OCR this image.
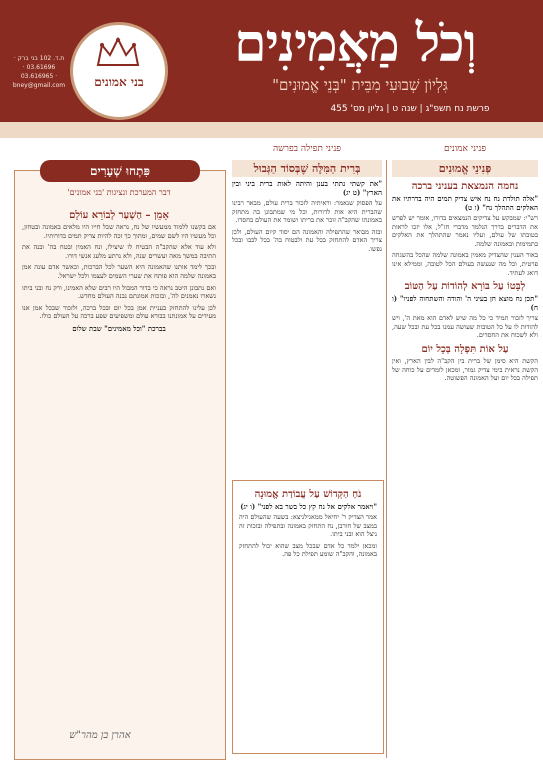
בני אמונים
ת.ד. 102 בני ברק · 03.61696 · 03.616965 · bney@gmail.com
וְכֹל מַאֲמִינִים
גִּלְיוֹן שְׁבוּעִי מִבֵּית "בְּנֵי אֱמוּנִים"
פרשת נח תשפ"ג | שנה ט | גליון מס' 455
פניני אמונים
פניני תפילה בפרשה
פְּנִינֵי אֱמוּנִים
נחמה הנמצאת בעניני ברכה
"אלה תולדת נח נח איש צדיק תמים היה בדרתיו את האלקים התהלך נח" (ו ט)
רש"י: שמבקש על צדיקים הנמצאים בדורו, אומר יש לפרש את הדברים בדרך הנלמד מדברי חז"ל, אלו יזכו לראות בטובתו של עולם, ועליו נאמר שהתהלך את האלקים בתמימות ובאמונה שלמה.
באור הענין שהצדיק מאמין באמונה שלמה שהכל בהשגחה פרטית, וכל מה שנעשה בעולם הכל לטובה, וממילא אינו דואג לעתיד.
לְבָּטוֹ עַל בּוֹרָא לְהוֹדוֹת עַל הַטּוֹב
"תכן נח מוצא חן בעיני ה' והודה והשתחוה לפניו" (ו ח)
צריך לזכור תמיד כי כל מה שיש לאדם הוא מאת ה', ויש להודות לו על כל הטובות שעושה עמנו בכל עת ובכל שעה, ולא לשכוח את החסדים.
עַל אוֹת תִּפְלָה בְּכָל יוֹם
הקשת היא סימן של ברית בין הקב"ה לבין הארץ, ואין הקשת נראית בימי צדיק גמור, ומכאן לומדים על כוחה של תפילה בכל יום ועל האמונה הפשוטה.
בְּרִית הַמִּלָּה שֶׁבְּסוֹד הַגְּבוּל
"את קשתי נתתי בענן והיתה לאות ברית ביני ובין הארץ" (ט יג)
על הפסוק שנאמר: וראיתיה לזכור ברית עולם, מבאר רבינו שהברית היא אות לדורות, וכל מי שמתבונן בה מתחזק באמונתו שהקב"ה זוכר את בריתו ושומר את העולם בחסדו.
ובזה מבואר שהתפילה והאמונה הם יסוד קיום העולם, ולכן צריך האדם להתחזק בכל עת ולבטוח בה' בכל לבבו ובכל נפשו.
נֹחַ הַקְּדוֹשׁ עַל עֲבוֹדַת אֱמוּנָה
"ויאמר אלקים אל נח קץ כל בשר בא לפני" (ו יג)
אמר הצדיק ר' יחיאל ממאגילניצא: בשעה שהעולם היה במצב של חורבן, נח התחזק באמונה ובתפילה ובזכות זה ניצל הוא ובני ביתו.
ומכאן ילמד כל אדם שבכל מצב שהוא יכול להתחזק באמונה, והקב"ה שומע תפילת כל פה.
פִּתְחוּ שְׁעָרִים
דבר המערכת ונציגות 'בני אמונים'
אָמֵן – הַשְׁעַר לְבוֹרֵא עוֹלָם
אם בקשנו ללמוד ממעשיו של נח, נראה שכל חייו היו מלאים באמונה ובטחון, וכל מעשיו היו לשם שמים, ומתוך כך זכה להיות צדיק תמים בדורותיו.
ולא עוד אלא שהקב"ה הבטיח לו שיצילו, ונח האמין ובטח בה' ובנה את התיבה במשך מאה ועשרים שנה, ולא נרתע מלעג אנשי דורו.
ובכך לימד אותנו שהאמונה היא השער לכל הברכות, וכאשר אדם עונה אמן באמונה שלמה הוא פותח את שערי השמים לעצמו ולכל ישראל.
ואם נתבונן היטב נראה כי בדור המבול היו רבים שלא האמינו, ורק נח ובני ביתו נשארו נאמנים לה', ובזכות אמונתם נבנה העולם מחדש.
לכן עלינו להתחזק בעניית אמן בכל יום ובכל ברכה, ולזכור שבכל אמן אנו מעידים על אמונתנו בבורא עולם ומשפיעים שפע ברכה על העולם כולו.
בברכת "וכל מאמינים" שבת שלום
אהרן בן מהר"ש
